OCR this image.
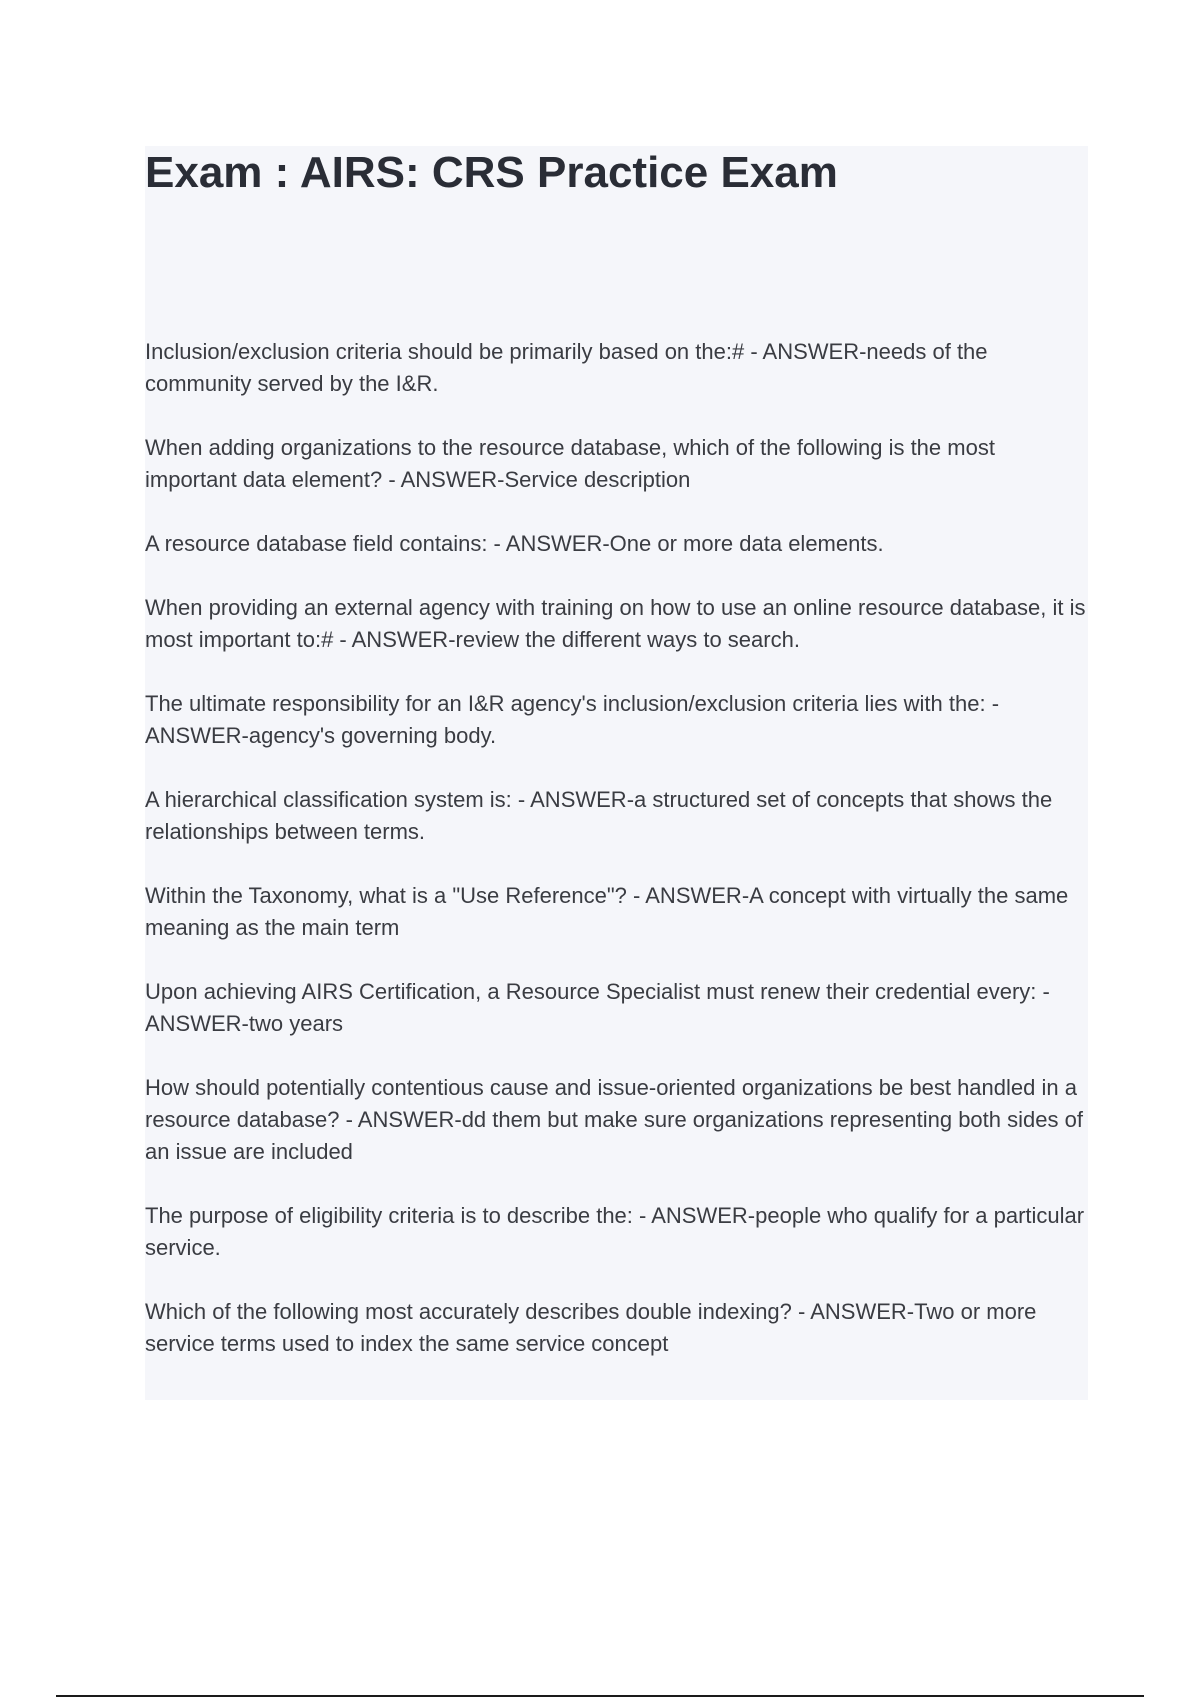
Exam : AIRS: CRS Practice Exam
Inclusion/exclusion criteria should be primarily based on the:# - ANSWER-needs of the community served by the I&R.
When adding organizations to the resource database, which of the following is the most important data element? - ANSWER-Service description
A resource database field contains: - ANSWER-One or more data elements.
When providing an external agency with training on how to use an online resource database, it is most important to:# - ANSWER-review the different ways to search.
The ultimate responsibility for an I&R agency's inclusion/exclusion criteria lies with the: - ANSWER-agency's governing body.
A hierarchical classification system is: - ANSWER-a structured set of concepts that shows the relationships between terms.
Within the Taxonomy, what is a "Use Reference"? - ANSWER-A concept with virtually the same meaning as the main term
Upon achieving AIRS Certification, a Resource Specialist must renew their credential every: - ANSWER-two years
How should potentially contentious cause and issue-oriented organizations be best handled in a resource database? - ANSWER-dd them but make sure organizations representing both sides of an issue are included
The purpose of eligibility criteria is to describe the: - ANSWER-people who qualify for a particular service.
Which of the following most accurately describes double indexing? - ANSWER-Two or more service terms used to index the same service concept
